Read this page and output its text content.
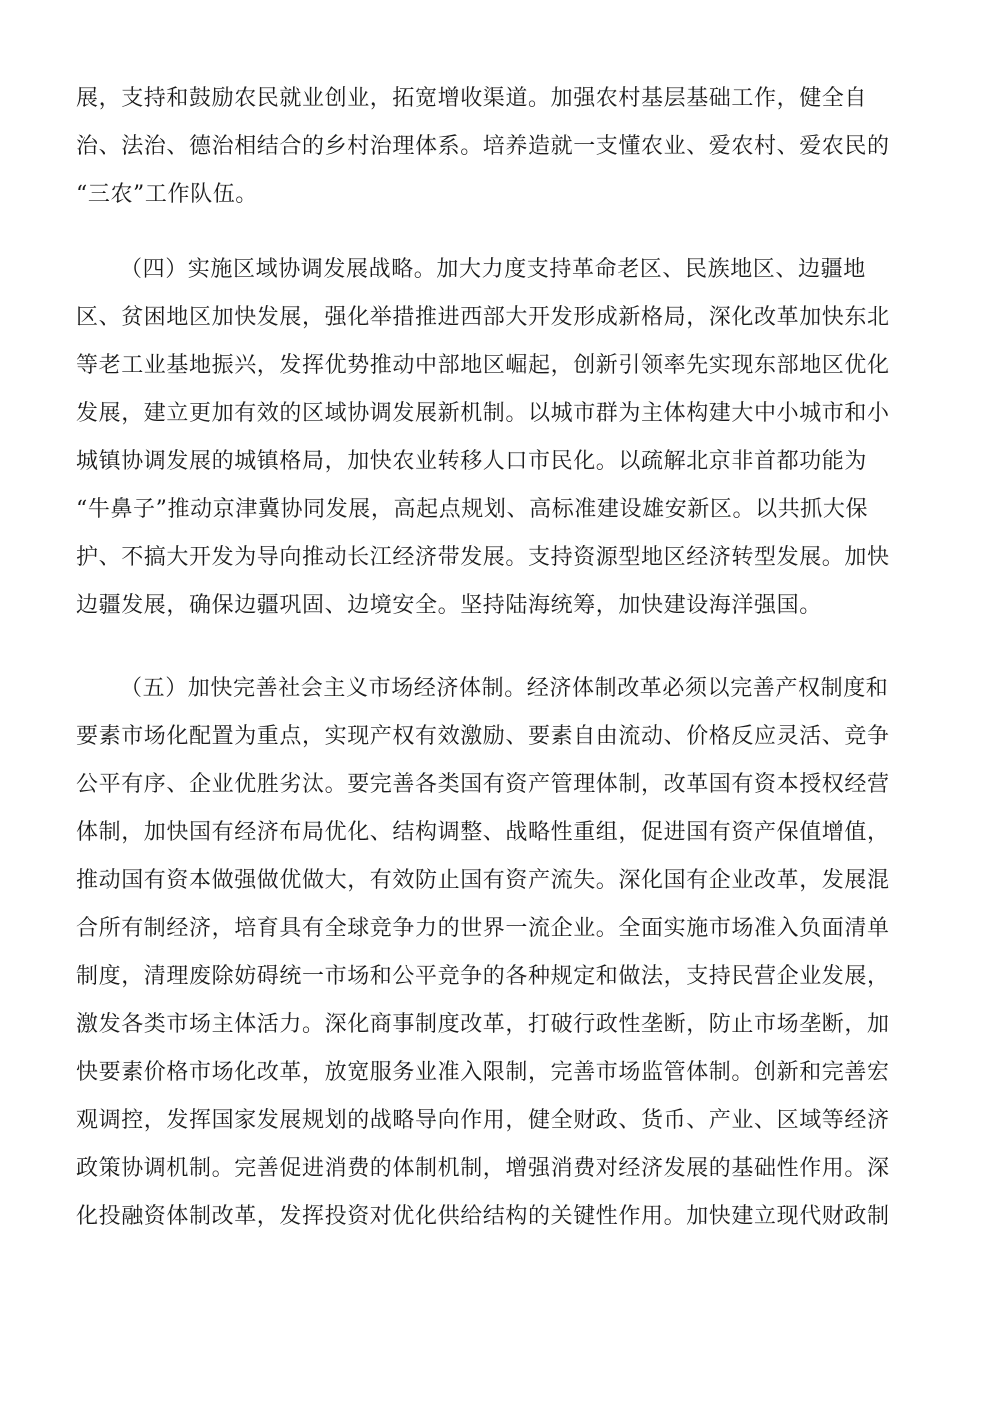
展，支持和鼓励农民就业创业，拓宽增收渠道。加强农村基层基础工作，健全自
治、法治、德治相结合的乡村治理体系。培养造就一支懂农业、爱农村、爱农民的
“三农”工作队伍。
（四）实施区域协调发展战略。加大力度支持革命老区、民族地区、边疆地
区、贫困地区加快发展，强化举措推进西部大开发形成新格局，深化改革加快东北
等老工业基地振兴，发挥优势推动中部地区崛起，创新引领率先实现东部地区优化
发展，建立更加有效的区域协调发展新机制。以城市群为主体构建大中小城市和小
城镇协调发展的城镇格局，加快农业转移人口市民化。以疏解北京非首都功能为
“牛鼻子”推动京津冀协同发展，高起点规划、高标准建设雄安新区。以共抓大保
护、不搞大开发为导向推动长江经济带发展。支持资源型地区经济转型发展。加快
边疆发展，确保边疆巩固、边境安全。坚持陆海统筹，加快建设海洋强国。
（五）加快完善社会主义市场经济体制。经济体制改革必须以完善产权制度和
要素市场化配置为重点，实现产权有效激励、要素自由流动、价格反应灵活、竞争
公平有序、企业优胜劣汰。要完善各类国有资产管理体制，改革国有资本授权经营
体制，加快国有经济布局优化、结构调整、战略性重组，促进国有资产保值增值，
推动国有资本做强做优做大，有效防止国有资产流失。深化国有企业改革，发展混
合所有制经济，培育具有全球竞争力的世界一流企业。全面实施市场准入负面清单
制度，清理废除妨碍统一市场和公平竞争的各种规定和做法，支持民营企业发展，
激发各类市场主体活力。深化商事制度改革，打破行政性垄断，防止市场垄断，加
快要素价格市场化改革，放宽服务业准入限制，完善市场监管体制。创新和完善宏
观调控，发挥国家发展规划的战略导向作用，健全财政、货币、产业、区域等经济
政策协调机制。完善促进消费的体制机制，增强消费对经济发展的基础性作用。深
化投融资体制改革，发挥投资对优化供给结构的关键性作用。加快建立现代财政制
